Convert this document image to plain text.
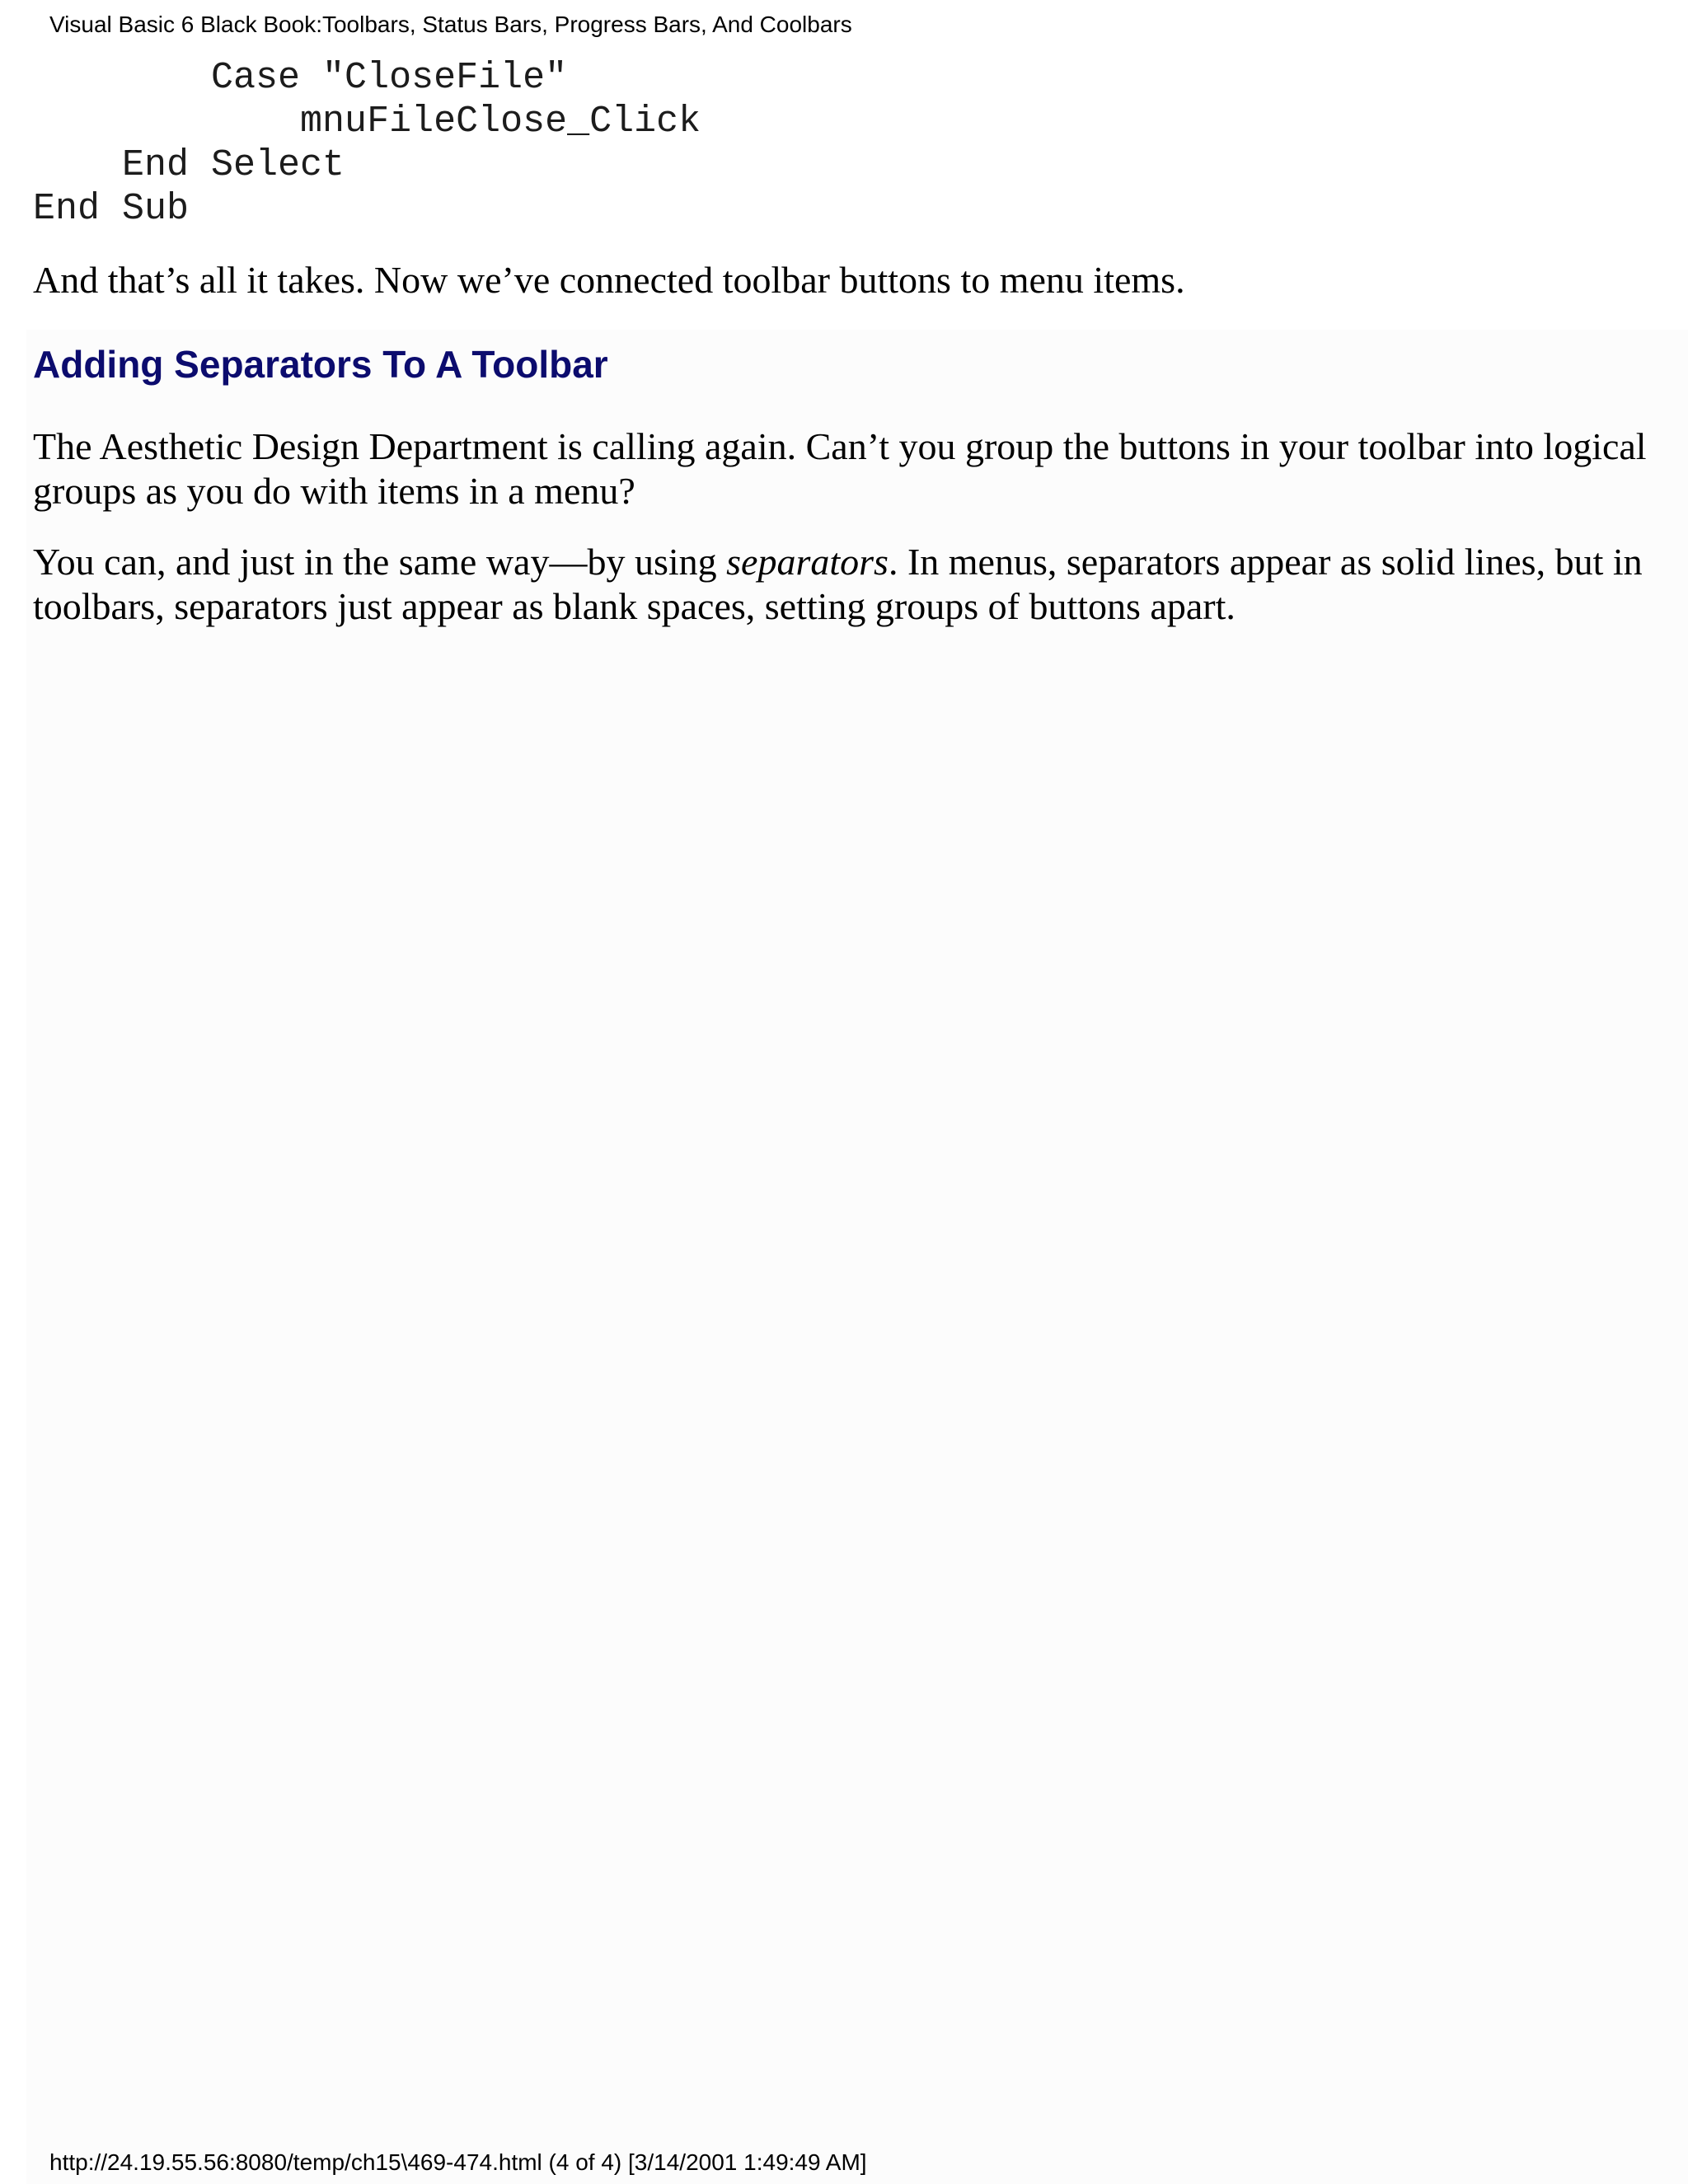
Visual Basic 6 Black Book:Toolbars, Status Bars, Progress Bars, And Coolbars
Case "CloseFile"
mnuFileClose_Click
End Select
End Sub

And that’s all it takes. Now we’ve connected toolbar buttons to menu items.

Adding Separators To A Toolbar

The Aesthetic Design Department is calling again. Can’t you group the buttons in your toolbar into logical groups as you do with items in a menu?

You can, and just in the same way—by using separators. In menus, separators appear as solid lines, but in toolbars, separators just appear as blank spaces, setting groups of buttons apart.

http://24.19.55.56:8080/temp/ch15\469-474.html (4 of 4) [3/14/2001 1:49:49 AM]
